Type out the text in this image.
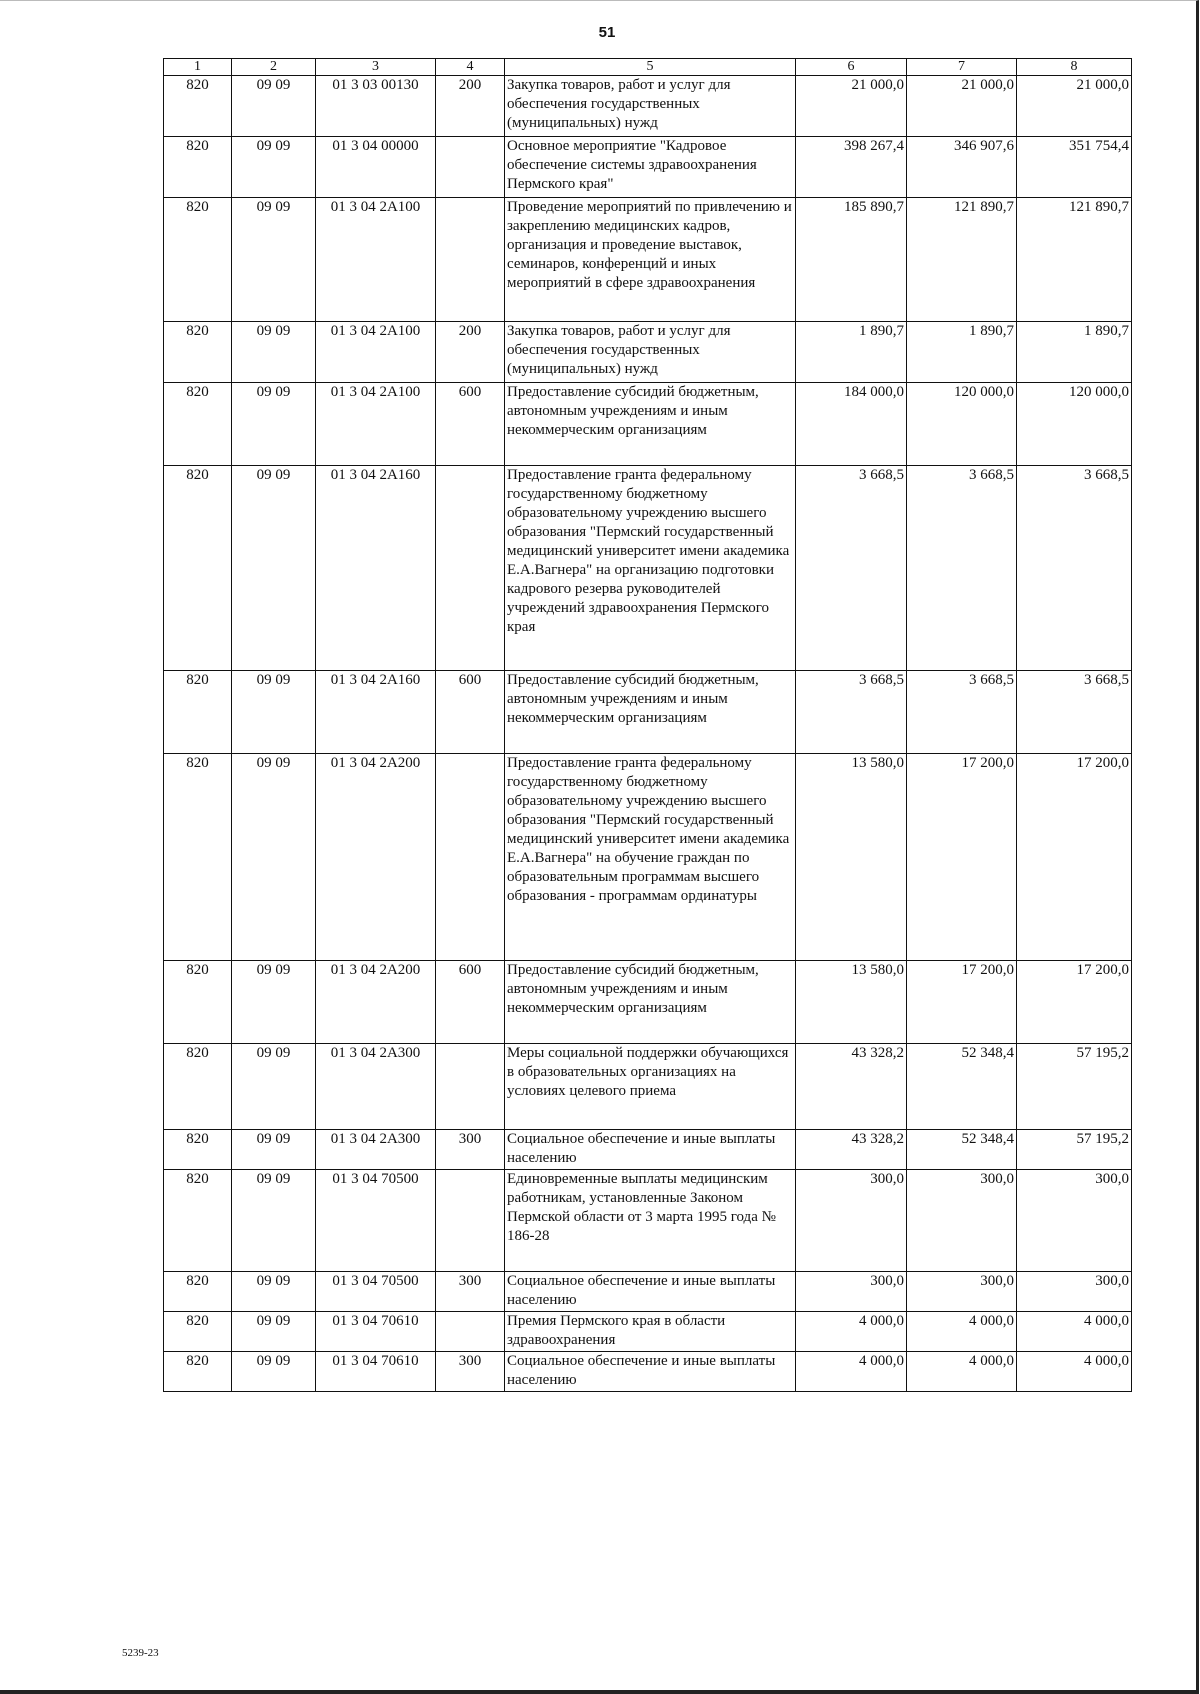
51
1	2	3	4	5	6	7	8
820	09 09	01 3 03 00130	200	Закупка товаров, работ и услуг для обеспечения государственных (муниципальных) нужд	21 000,0	21 000,0	21 000,0
820	09 09	01 3 04 00000		Основное мероприятие "Кадровое обеспечение системы здравоохранения Пермского края"	398 267,4	346 907,6	351 754,4
820	09 09	01 3 04 2А100		Проведение мероприятий по привлечению и закреплению медицинских кадров, организация и проведение выставок, семинаров, конференций и иных мероприятий в сфере здравоохранения	185 890,7	121 890,7	121 890,7
820	09 09	01 3 04 2А100	200	Закупка товаров, работ и услуг для обеспечения государственных (муниципальных) нужд	1 890,7	1 890,7	1 890,7
820	09 09	01 3 04 2А100	600	Предоставление субсидий бюджетным, автономным учреждениям и иным некоммерческим организациям	184 000,0	120 000,0	120 000,0
820	09 09	01 3 04 2А160		Предоставление гранта федеральному государственному бюджетному образовательному учреждению высшего образования "Пермский государственный медицинский университет имени академика Е.А.Вагнера" на организацию подготовки кадрового резерва руководителей учреждений здравоохранения Пермского края	3 668,5	3 668,5	3 668,5
820	09 09	01 3 04 2А160	600	Предоставление субсидий бюджетным, автономным учреждениям и иным некоммерческим организациям	3 668,5	3 668,5	3 668,5
820	09 09	01 3 04 2А200		Предоставление гранта федеральному государственному бюджетному образовательному учреждению высшего образования "Пермский государственный медицинский университет имени академика Е.А.Вагнера" на обучение граждан по образовательным программам высшего образования - программам ординатуры	13 580,0	17 200,0	17 200,0
820	09 09	01 3 04 2А200	600	Предоставление субсидий бюджетным, автономным учреждениям и иным некоммерческим организациям	13 580,0	17 200,0	17 200,0
820	09 09	01 3 04 2А300		Меры социальной поддержки обучающихся в образовательных организациях на условиях целевого приема	43 328,2	52 348,4	57 195,2
820	09 09	01 3 04 2А300	300	Социальное обеспечение и иные выплаты населению	43 328,2	52 348,4	57 195,2
820	09 09	01 3 04 70500		Единовременные выплаты медицинским работникам, установленные Законом Пермской области от 3 марта 1995 года № 186-28	300,0	300,0	300,0
820	09 09	01 3 04 70500	300	Социальное обеспечение и иные выплаты населению	300,0	300,0	300,0
820	09 09	01 3 04 70610		Премия Пермского края в области здравоохранения	4 000,0	4 000,0	4 000,0
820	09 09	01 3 04 70610	300	Социальное обеспечение и иные выплаты населению	4 000,0	4 000,0	4 000,0
5239-23
